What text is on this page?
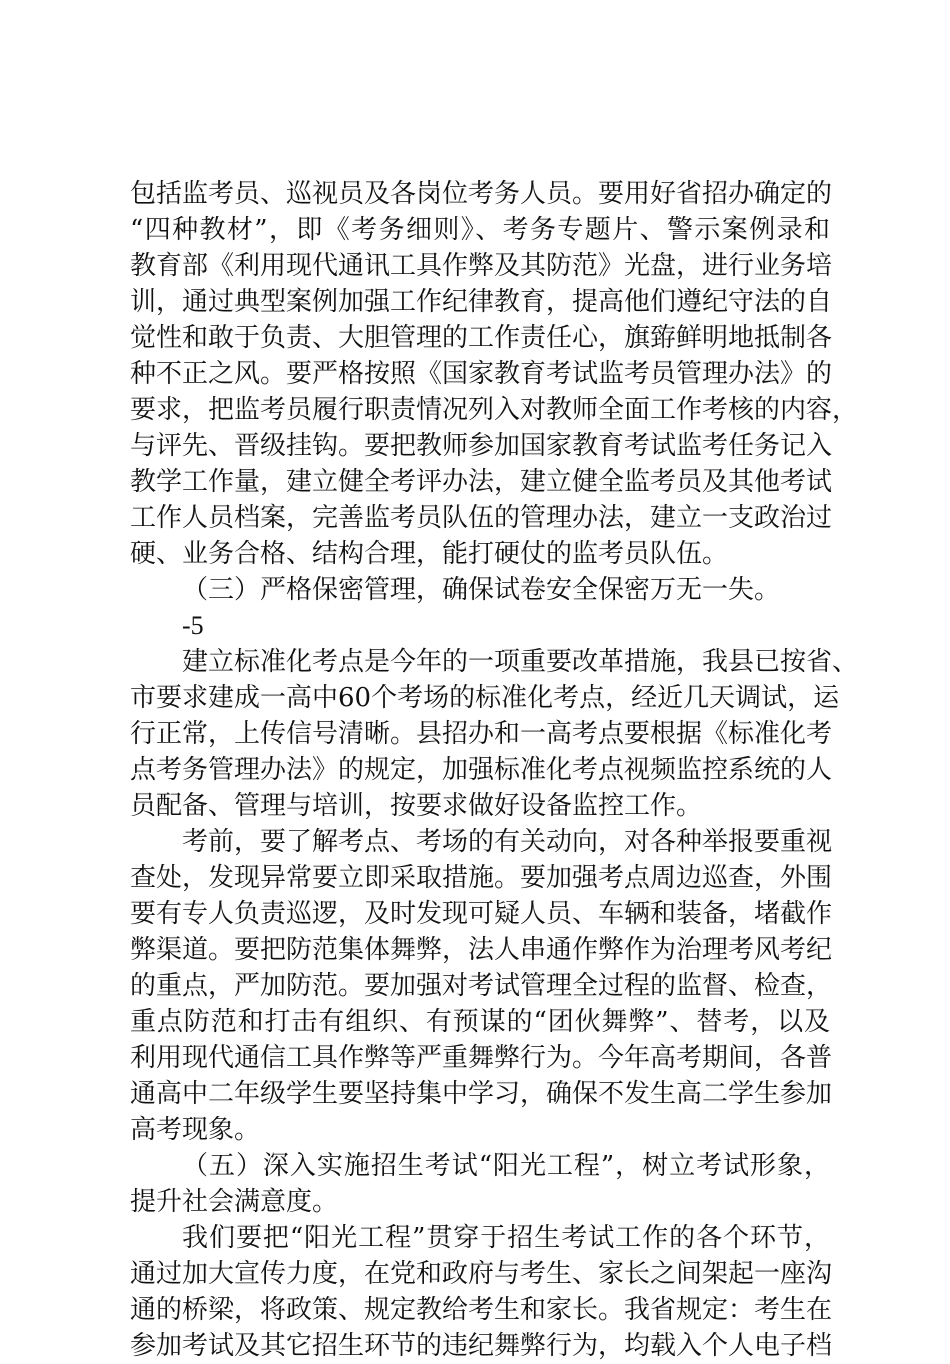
包括监考员、巡视员及各岗位考务人员。要用好省招办确定的
“四种教材”，即《考务细则》、考务专题片、警示案例录和
教育部《利用现代通讯工具作弊及其防范》光盘，进行业务培
训，通过典型案例加强工作纪律教育，提高他们遵纪守法的自
觉性和敢于负责、大胆管理的工作责任心，旗臶鲜明地抵制各
种不正之风。要严格按照《国家教育考试监考员管理办法》的
要求，把监考员履行职责情况列入对教师全面工作考核的内容，
与评先、晋级挂钩。要把教师参加国家教育考试监考任务记入
教学工作量，建立健全考评办法，建立健全监考员及其他考试
工作人员档案，完善监考员队伍的管理办法，建立一支政治过
硬、业务合格、结构合理，能打硬仗的监考员队伍。
（三）严格保密管理，确保试卷安全保密万无一失。
-5
建立标准化考点是今年的一项重要改革措施，我县已按省、
市要求建成一高中60个考场的标准化考点，经近几天调试，运
行正常，上传信号清晰。县招办和一高考点要根据《标准化考
点考务管理办法》的规定，加强标准化考点视频监控系统的人
员配备、管理与培训，按要求做好设备监控工作。
考前，要了解考点、考场的有关动向，对各种举报要重视
查处，发现异常要立即采取措施。要加强考点周边巡查，外围
要有专人负责巡逻，及时发现可疑人员、车辆和装备，堵截作
弊渠道。要把防范集体舞弊，法人串通作弊作为治理考风考纪
的重点，严加防范。要加强对考试管理全过程的监督、检查，
重点防范和打击有组织、有预谋的“团伙舞弊”、替考，以及
利用现代通信工具作弊等严重舞弊行为。今年高考期间，各普
通高中二年级学生要坚持集中学习，确保不发生高二学生参加
高考现象。
（五）深入实施招生考试“阳光工程”，树立考试形象，
提升社会满意度。
我们要把“阳光工程”贯穿于招生考试工作的各个环节，
通过加大宣传力度，在党和政府与考生、家长之间架起一座沟
通的桥梁，将政策、规定教给考生和家长。我省规定：考生在
参加考试及其它招生环节的违纪舞弊行为，均载入个人电子档
